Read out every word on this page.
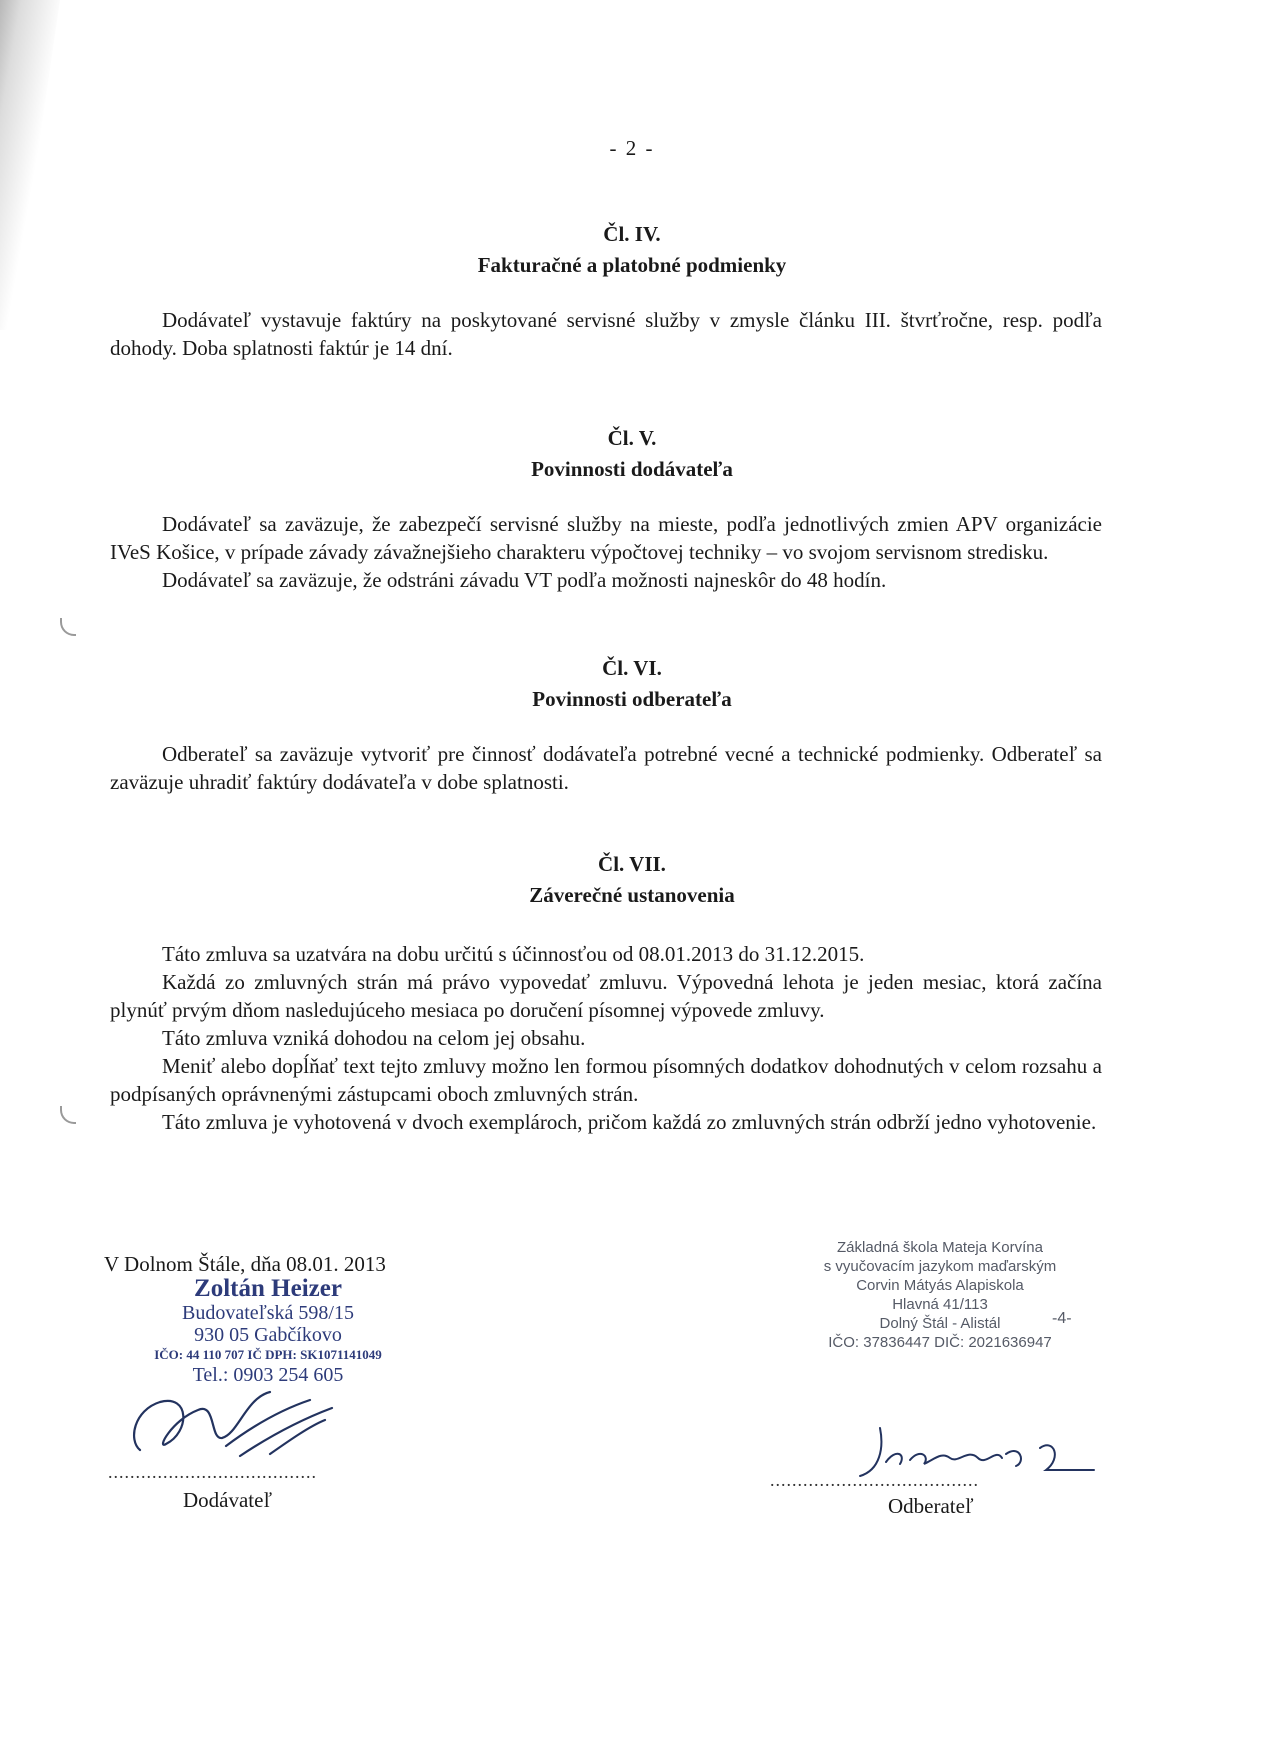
- 2 -
Čl. IV.
Fakturačné a platobné podmienky

Dodávateľ vystavuje faktúry na poskytované servisné služby v zmysle článku III. štvrťročne, resp. podľa dohody. Doba splatnosti faktúr je 14 dní.

Čl. V.
Povinnosti dodávateľa

Dodávateľ sa zaväzuje, že zabezpečí servisné služby na mieste, podľa jednotlivých zmien APV organizácie IVeS Košice, v prípade závady závažnejšieho charakteru výpočtovej techniky – vo svojom servisnom stredisku.

Dodávateľ sa zaväzuje, že odstráni závadu VT podľa možnosti najneskôr do 48 hodín.

Čl. VI.
Povinnosti odberateľa

Odberateľ sa zaväzuje vytvoriť pre činnosť dodávateľa potrebné vecné a technické podmienky. Odberateľ sa zaväzuje uhradiť faktúry dodávateľa v dobe splatnosti.

Čl. VII.
Záverečné ustanovenia

Táto zmluva sa uzatvára na dobu určitú s účinnosťou od 08.01.2013 do 31.12.2015.

Každá zo zmluvných strán má právo vypovedať zmluvu. Výpovedná lehota je jeden mesiac, ktorá začína plynúť prvým dňom nasledujúceho mesiaca po doručení písomnej výpovede zmluvy.

Táto zmluva vzniká dohodou na celom jej obsahu.

Meniť alebo dopĺňať text tejto zmluvy možno len formou písomných dodatkov dohodnutých v celom rozsahu a podpísaných oprávnenými zástupcami oboch zmluvných strán.

Táto zmluva je vyhotovená v dvoch exemplároch, pričom každá zo zmluvných strán odbrží jedno vyhotovenie.

V Dolnom Štále, dňa 08.01. 2013
Zoltán Heizer
Budovateľská 598/15
930 05 Gabčíkovo
IČO: 44 110 707 IČ DPH: SK1071141049
Tel.: 0903 254 605
Základná škola Mateja Korvína
s vyučovacím jazykom maďarským
Corvin Mátyás Alapiskola
Hlavná 41/113
Dolný Štál - Alistál
IČO: 37836447 DIČ: 2021636947
-4-
......................................
Dodávateľ
......................................
Odberateľ
